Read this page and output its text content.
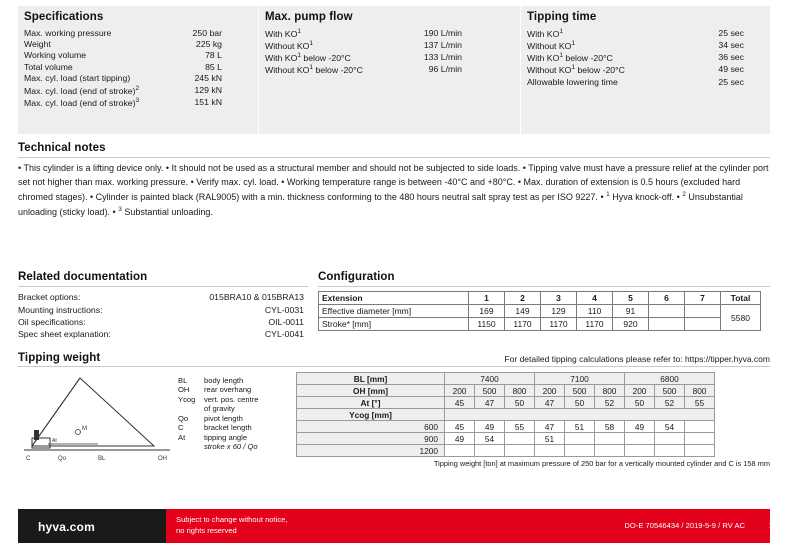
Specifications
Max. working pressure	250 bar
Weight	225 kg
Working volume	78 L
Total volume	85 L
Max. cyl. load (start tipping)	245 kN
Max. cyl. load (end of stroke)$^2$	129 kN
Max. cyl. load (end of stroke)$^3$	151 kN
Max. pump flow
With $KO^1$	190 L/min
Without $KO^1$	137 L/min
With $KO^1$ below -20°C	133 L/min
Without $KO^1$ below -20°C	96 L/min
Tipping time
With $KO^1$	25 sec
Without $KO^1$	34 sec
With $KO^1$ below -20°C	36 sec
Without $KO^1$ below -20°C	49 sec
Allowable lowering time	25 sec
Technical notes
• This cylinder is a lifting device only. • It should not be used as a structural member and should not be subjected to side loads. • Tipping valve must have a pressure relief at the cylinder port set not higher than max. working pressure. • Verify max. cyl. load. • Working temperature range is between -40°C and +80°C. • Max. duration of extension is 0.5 hours (excluded hard chromed stages). • Cylinder is painted black (RAL9005) with a min. thickness conforming to the 480 hours neutral salt spray test as per ISO 9227. • $^1$ Hyva knock-off. • $^2$ Unsubstantial unloading (sticky load). • $^3$ Substantial unloading.
Related documentation
Bracket options:	015BRA10 & 015BRA13
Mounting instructions:	CYL-0031
Oil specifications:	OIL-0011
Spec sheet explanation:	CYL-0041
Configuration
Extension	1	2	3	4	5	6	7	Total
Effective diameter [mm]	169	149	129	110	91			5580
Stroke* [mm]	1150	1170	1170	1170	920			
Tipping weight	For detailed tipping calculations please refer to: https://tipper.hyva.com
M
C	Qo	BL	OH
At
BL	body length
OH	rear overhang
Ycog	vert. pos. centre
	of gravity
Qo	pivot length
C	bracket length
At	tipping angle
	stroke x 60 / Qo
BL [mm]	7400			7100			6800		
OH [mm]	200	500	800	200	500	800	200	500	800
At [°]	45	47	50	47	50	52	50	52	55
Ycog [mm]									
600	45	49	55	47	51	58	49	54	
900	49	54		51					
1200									
Tipping weight [ton] at maximum pressure of 250 bar for a vertically mounted cylinder and C is 158 mm
hyva.com
Subject to change without notice,
no rights reserved
DO-E 70546434 / 2019-5-9 / RV AC	1
